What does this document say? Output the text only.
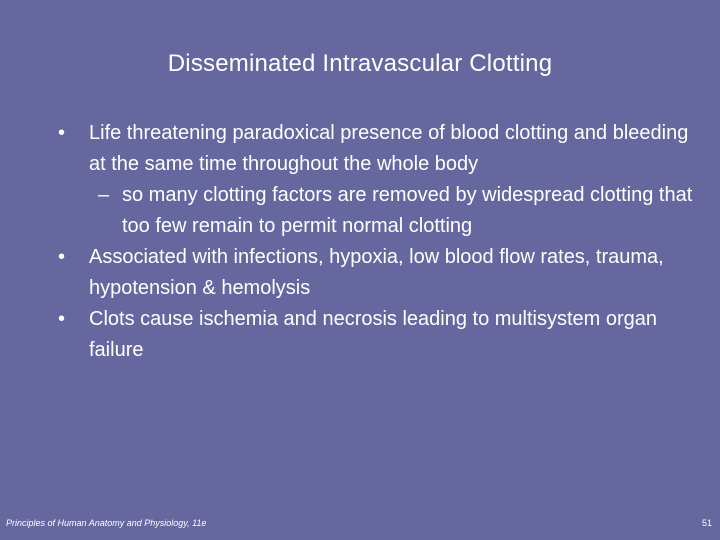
Disseminated Intravascular Clotting
•	Life threatening paradoxical presence of blood clotting and bleeding at the same time throughout the whole body
– so many clotting factors are removed by widespread clotting that too few remain to permit normal clotting
•	Associated with infections, hypoxia, low blood flow rates, trauma, hypotension & hemolysis
•	Clots cause ischemia and necrosis leading to multisystem organ failure
Principles of Human Anatomy and Physiology, 11e	51
